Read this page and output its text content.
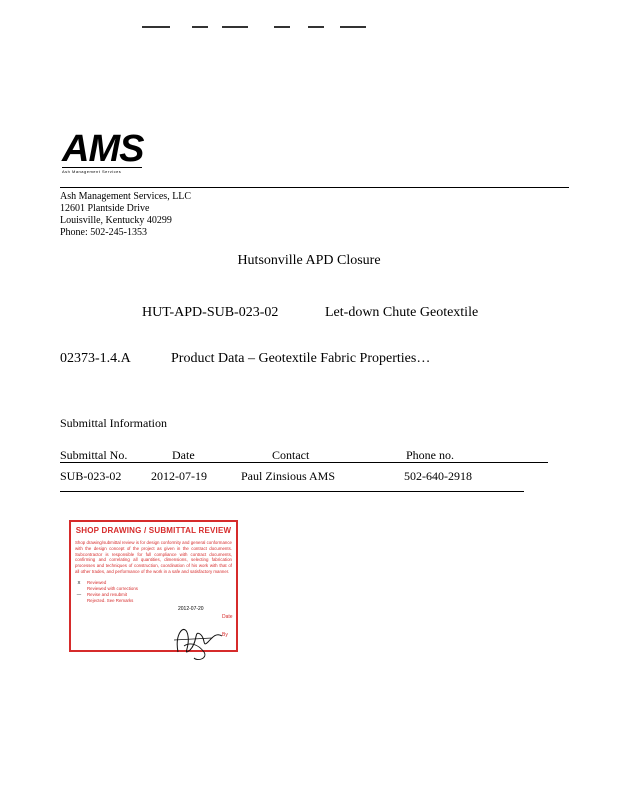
AMS
Ash Management Services
Ash Management Services, LLC
12601 Plantside Drive
Louisville, Kentucky 40299
Phone: 502-245-1353
Hutsonville APD Closure
HUT-APD-SUB-023-02	Let-down Chute Geotextile
02373-1.4.A	Product Data – Geotextile Fabric Properties…
Submittal Information
Submittal No.	Date	Contact	Phone no.
SUB-023-02 2012-07-19	Paul Zinsious AMS	502-640-2918
SHOP DRAWING / SUBMITTAL REVIEW
Shop drawing/submittal review is for design conformity and general conformance with the design concept of the project as given in the contract documents. Subcontractor is responsible for full compliance with contract documents, confirming and correlating all quantities, dimensions, selecting fabrication processes and techniques of construction, coordination of his work with that of all other trades, and performance of the work in a safe and satisfactory manner.
X	Reviewed
Reviewed with corrections
—	Revise and resubmit
Rejected. See Remarks
2012-07-20
Date
By
